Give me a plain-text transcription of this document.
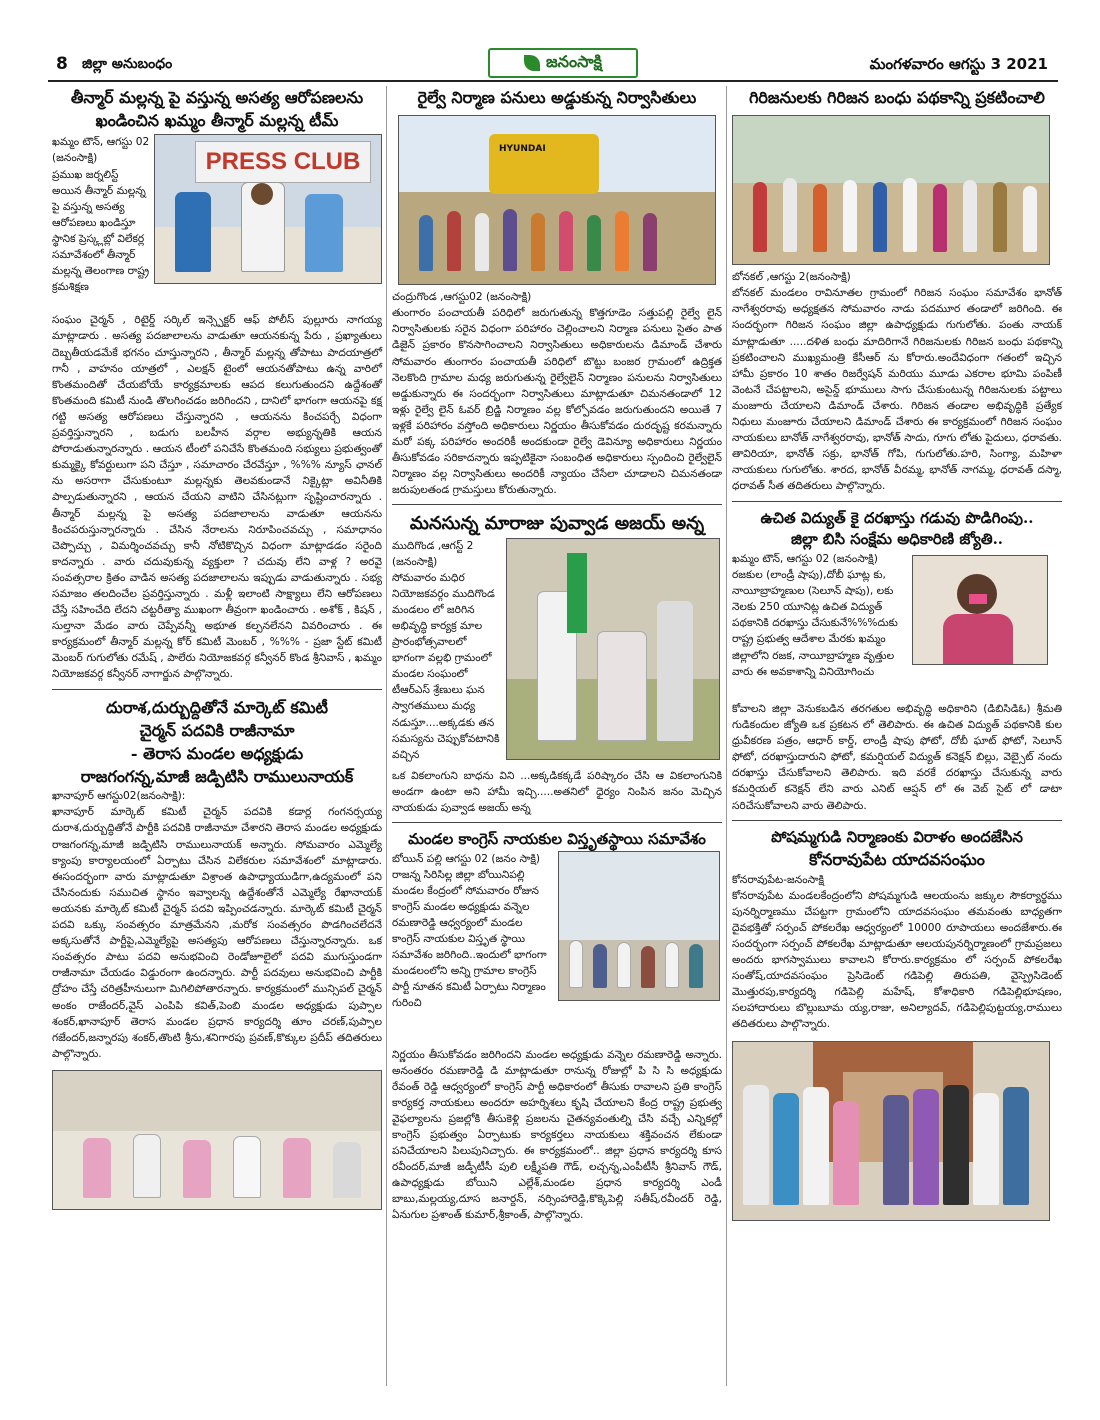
8 జిల్లా అనుబంధం	జనంసాక్షి	మంగళవారం ఆగస్టు 3 2021
తీన్మార్ మల్లన్న పై వస్తున్న అసత్య ఆరోపణలను
ఖండించిన ఖమ్మం తీన్మార్ మల్లన్న టీమ్
ఖమ్మం టౌన్, ఆగస్టు 02 (జనంసాక్షి)
ప్రముఖ జర్నలిస్ట్ అయిన తీన్మార్ మల్లన్న పై వస్తున్న అసత్య ఆరోపణలు ఖండిస్తూ స్థానిక ప్రెస్క్లబ్లో విలేకర్ల సమావేశంలో తీన్మార్ మల్లన్న తెలంగాణ రాష్ట్ర క్రమశిక్షణ
PRESS CLUB

సంఘం చైర్మన్ , రిటైర్డ్ సర్కిల్ ఇన్స్పెక్టర్ ఆఫ్ పోలీస్ పుల్లూరు నాగయ్య మాట్లాడారు . అసత్య పదజాలాలను వాడుతూ ఆయనకున్న పేరు , ప్రఖ్యాతులు దెబ్బతీయడమేకే భగనం చూస్తున్నారని , తీన్మార్ మల్లన్న తోపాటు పాదయాత్రలో గానీ , వాహనం యాత్రలో , ఎలక్షన్ టైంలో ఆయనతోపాటు ఉన్న వారిలో కొంతమందితో చేయబోయే కార్యక్రమాలకు ఆపద కలుగుతుందని ఉద్దేశంతో కొంతమంది కమిటీ నుండి తొలగించడం జరిగిందని , దానిలో భాగంగా ఆయనపై కక్ష గట్టి అసత్య ఆరోపణలు చేస్తున్నారని , ఆయనను కించపర్చే విధంగా ప్రవర్తిస్తున్నారని , బడుగు బలహీన వర్గాల అభ్యున్నతికి ఆయన పోరాడుతున్నారన్నారు . ఆయన టీంలో పనిచేసే కొంతమంది సభ్యులు ప్రభుత్వంతో కుమ్మక్కై కోవర్టులుగా పని చేస్తూ , సమాచారం చేరవేస్తూ , %%% న్యూస్ ఛానల్ ను అసరాగా చేసుకుంటూ మల్లన్నకు తెలవకుండానే నిక్కైట్లా అవినీతికి పాల్పడుతున్నారని , ఆయన చేయని వాటిని చేసినట్లుగా సృష్టించారన్నారు . తీన్మార్ మల్లన్న పై అసత్య పదజాలాలను వాడుతూ ఆయనను కించపరుస్తున్నారన్నారు . చేసిన నేరాలను నిరూపించవచ్చు , సమాధానం చెప్పొచ్చు , విమర్శించవచ్చు కానీ నోటికొచ్చిన విధంగా మాట్లాడడం సరైంది కాదన్నారు . వారు చదువుకున్న వ్యక్తులా ? చదువు లేని వాళ్ల ? అరవై సంవత్సరాల క్రితం వాడిన అసత్య పదజాలాలను ఇప్పుడు వాడుతున్నారు . సభ్య సమాజం తలదించేల ప్రవర్తిస్తున్నారు . మళ్లీ ఇలాంటి సాక్ష్యాలు లేని ఆరోపణలు చేస్తే సహించేది లేదని చట్టరీత్యా ముఖంగా తీవ్రంగా ఖండించారు . అశోక్ , కిషన్ , సుల్తానా మేడం వారు చెప్పేవన్నీ అభూత కల్పనలేనని వివరించారు . ఈ కార్యక్రమంలో తీన్మార్ మల్లన్న కోర్ కమిటీ మెంబర్ , %%% - ప్రజా స్టేట్ కమిటీ మెంబర్ గుగులోతు రమేష్ , పాలేరు నియోజకవర్గ కన్వీనర్ కొండ శ్రీనివాస్ , ఖమ్మం నియోజకవర్గ కన్వీనర్ నాగార్జున పాల్గొన్నారు.

దురాశ,దుర్బుద్దితోనే మార్కెట్ కమిటీ
చైర్మన్ పదవికి రాజీనామా
- తెరాస మండల అధ్యక్షుడు
రాజగంగన్న,మాజీ జడ్పిటిసి రాములునాయక్
ఖానాపూర్ ఆగస్టు02(జనంసాక్షి):

ఖానాపూర్ మార్కెట్ కమిటీ చైర్మన్ పదవికి కడార్ల గంగనర్సయ్య దురాశ,దుర్బుద్ధితోనే పార్టీకి పదవికి రాజీనామా చేశారని తెరాస మండల అధ్యక్షుడు రాజగంగన్న,మాజీ జడ్పిటిసి రాములునాయక్ అన్నారు. సోమవారం ఎమ్మెల్యే క్యాంపు కార్యాలయంలో ఏర్పాటు చేసిన విలేకరుల సమావేశంలో మాట్లాడారు. ఈసందర్భంగా వారు మాట్లాడుతూ విశ్రాంత ఉపాధ్యాయుడిగా,ఉద్యమంలో పని చేసినందుకు సముచిత స్థానం ఇవ్వాలన్న ఉద్దేశంతోనే ఎమ్మెల్యే రేఖానాయక్ అయనకు మార్కెట్ కమిటీ చైర్మన్ పదవి ఇప్పించడన్నారు. మార్కెట్ కమిటీ చైర్మన్ పదవి ఒక్కు సంవత్సరం మాత్రమేనని ,మరోక సంవత్సరం పొడగించలేదనే అక్కసుతోనే పార్టీపై,ఎమ్మెల్యేపై అసత్యపు ఆరోపణలు చేస్తున్నారన్నారు. ఒక సంవత్సరం పాటు పదవి అనుభవించి రెండోజూలైలో పదవి ముగుస్తుండగా రాజీనామా చేయడం విడ్డురంగా ఉందన్నారు. పార్టీ పదవులు అనుభవించి పార్టీకి ద్రోహం చేస్తే చరిత్రహీనులుగా మిగిలిపోతారన్నారు. కార్యక్రమంలో మున్సిపల్ చైర్మన్ అంకం రాజేందర్,వైస్ ఎంపిపి కవిత్,పెంబి మండల అధ్యక్షుడు పుప్పాల శంకర్,ఖానాపూర్ తెరాస మండల ప్రధాన కార్యదర్శి తూం చరణ్,పుప్పాల గజేందర్,జన్నారపు శంకర్,తొంటి శ్రీను,శనిగారపు ప్రవణ్,కొక్కుల ప్రదీప్ తదితరులు పాల్గొన్నారు.

రైల్వే నిర్మాణ పనులు అడ్డుకున్న నిర్వాసితులు
HYUNDAI
చంద్రుగొండ ,ఆగస్టు02 (జనంసాక్షి)

తుంగారం పంచాయతీ పరిధిలో జరుగుతున్న కొత్తగూడెం సత్తుపల్లి రైల్వే లైన్ నిర్వాసితులకు సరైన విధంగా పరిహారం చెల్లించాలని నిర్మాణ పనులు సైతం పాత డిజైన్ ప్రకారం కొనసాగించాలని నిర్వాసితులు అధికారులను డిమాండ్ చేశారు సోమవారం తుంగారం పంచాయతీ పరిధిలో బొట్టు బంజర గ్రామంలో ఉద్రిక్తత నెలకొంది గ్రామాల మధ్య జరుగుతున్న రైల్వేలైన్ నిర్మాణం పనులను నిర్వాసితులు అడ్డుకున్నారు ఈ సందర్భంగా నిర్వాసితులు మాట్లాడుతూ చిమనతండాలో 12 ఇళ్లు రైల్వే లైన్ ఓవర్ బ్రిడ్జి నిర్మాణం వల్ల కోల్పోవడం జరుగుతుందని అయితే 7 ఇళ్లకే పరిహారం వస్తోంది అధికారులు నిర్ణయం తీసుకోవడం దురదృష్ట కరమన్నారు మరో పక్క పరిహారం అందరికీ అందకుండా రైల్వే డెవిన్యూ అధికారులు నిర్ణయం తీసుకోవడం సరికాదన్నారు ఇప్పటికైనా సంబంధిత అధికారులు స్పందించి రైల్వేలైన్ నిర్మాణం వల్ల నిర్వాసితులు అందరికీ న్యాయం చేసేలా చూడాలని చిమనతండా జరుపులతండ గ్రామస్తులు కోరుతున్నారు.

మనసున్న మారాజు పువ్వాడ అజయ్ అన్న
ముదిగొండ ,ఆగస్ట్ 2 (జనంసాక్షి)
సోమవారం మధిర నియోజకవర్గం ముదిగొండ మండలం లో జరిగిన అభివృద్ధి కార్యక్ర మాల ప్రారంభోత్సవాలలో భాగంగా వల్లభి గ్రామంలో మండల సంఘంలో టీఆర్ఎస్ శ్రేణులు ఘన స్వాగతములు మధ్య నడుస్తూ....అక్కడకు తన సమస్యను చెప్పుకోవటానికి వచ్చిన

ఒక వికలాంగుని బాధను విని ...అక్కడికక్కడే పరిష్కారం చేసి ఆ వికలాంగునికి అండగా ఉంటా అని హామీ ఇచ్చి.....అతనిలో ధైర్యం నింపిన జనం మెచ్చిన నాయకుడు పువ్వాడ అజయ్ అన్న

మండల కాంగ్రెస్ నాయకుల విస్తృతస్థాయి సమావేశం
బోయిన్ పల్లి ఆగస్టు 02 (జనం సాక్షి)
రాజన్న సిరిసిల్ల జిల్లా బోయినిపల్లి మండల కేంద్రంలో సోమవారం రోజున కాంగ్రెస్ మండల అధ్యక్షుడు వన్నెల రమణారెడ్డి ఆధ్వర్యంలో మండల కాంగ్రెస్ నాయకుల విస్తృత స్థాయి సమావేశం జరిగింది..ఇందులో భాగంగా మండలంలోని అన్ని గ్రామాల కాంగ్రెస్ పార్టీ నూతన కమిటీ ఏర్పాటు నిర్మాణం గురించి

నిర్ణయం తీసుకోవడం జరిగిందని మండల అధ్యక్షుడు వన్నెల రమణారెడ్డి అన్నారు. అనంతరం రమణారెడ్డి డి మాట్లాడుతూ రానున్న రోజుల్లో పి సి సి అధ్యక్షుడు రేవంత్ రెడ్డి ఆధ్వర్యంలో కాంగ్రెస్ పార్టీ అధికారంలో తీసుకు రావాలని ప్రతి కాంగ్రెస్ కార్యకర్త నాయకులు అందరూ అహర్నిశలు కృషి చేయాలని కేంద్ర రాష్ట్ర ప్రభుత్వ వైఫల్యాలను ప్రజల్లోకి తీసుకెళ్లి ప్రజలను చైతన్యవంతుల్ని చేసి వచ్చే ఎన్నికల్లో కాంగ్రెస్ ప్రభుత్వం ఏర్పాటుకు కార్యకర్తలు నాయకులు శక్తివంచన లేకుండా పనిచేయాలని పిలుపునిచ్చారు. ఈ కార్యక్రమంలో.. జిల్లా ప్రధాన కార్యదర్శి కూస రవీందర్,మాజీ జడ్పీటీసీ పులి లక్ష్మీపతి గౌడ్, లచ్చన్న,ఎంపీటీసీ శ్రీనివాస్ గౌడ్, ఉపాధ్యక్షుడు బోయిని ఎల్లేశ్,మండల ప్రధాన కార్యదర్శి ఎండీ బాబు,మల్లయ్య,దూస జనార్దన్, నర్సింహారెడ్డి,కొక్కెపెల్లి సతీష్,రవీందర్ రెడ్డి, ఏనుగుల ప్రశాంత్ కుమార్,శ్రీకాంత్, పాల్గొన్నారు.

గిరిజనులకు గిరిజన బంధు పథకాన్ని ప్రకటించాలి
బోనకల్ ,ఆగస్టు 2(జనంసాక్షి)

బోనకల్ మండలం రావినూతల గ్రామంలో గిరిజన సంఘం సమావేశం భానోత్ నాగేశ్వరరావు అధ్యక్షతన సోమవారం నాడు పదమూర తండాలో జరిగింది. ఈ సందర్భంగా గిరిజన సంఘం జిల్లా ఉపాధ్యక్షుడు గుగులోతు. పంతు నాయక్ మాట్లాడుతూ .....దళిత బంధు మాదిరిగానే గిరిజనులకు గిరిజన బంధు పథకాన్ని ప్రకటించాలని ముఖ్యమంత్రి కేసీఆర్ ను కోరారు.అందేవిధంగా గతంలో ఇచ్చిన హామీ ప్రకారం 10 శాతం రిజర్వేషన్ మరియు మూడు ఎకరాల భూమి పంపిణీ వెంటనే చేపట్టాలని, అసైన్డ్ భూములు సాగు చేసుకుంటున్న గిరిజనులకు పట్టాలు మంజూరు చేయాలని డిమాండ్ చేశారు. గిరిజన తండాల అభివృద్ధికి ప్రత్యేక నిధులు మంజూరు చేయాలని డిమాండ్ చేశారు ఈ కార్యక్రమంలో గిరిజన సంఘం నాయకులు బానోత్ నాగేశ్వరరావు, భానోత్ సాదు, గూగు లోతు పైదులు, ధరావతు. తావిరియా, భానోత్ సక్రు, భానోత్ గోపి, గుగులోతు.హరి, సింగ్యా, మహిళా నాయకులు గుగులోతు. శారద, భానోత్ వీరమ్మ, భానోత్ నాగమ్మ, ధరావత్ దస్మా, ధరావత్ సీత తదితరులు పాల్గొన్నారు.

ఉచిత విద్యుత్ కై దరఖాస్తు గడువు పొడిగింపు..
జిల్లా బిసి సంక్షేమ అధికారిణి జ్యోతి..
ఖమ్మం టౌన్, ఆగస్టు 02 (జనంసాక్షి)
రజకుల (లాండ్రీ షాపు),దోబీ ఘాట్ల కు, నాయీబ్రాహ్మణుల (సెలూన్ షాపు), లకు నెలకు 250 యూనిట్ల ఉచిత విద్యుత్ పథకానికి దరఖాస్తు చేసుకునే%%%దుకు రాష్ట్ర ప్రభుత్వ ఆదేశాల మేరకు ఖమ్మం జిల్లాలోని రజక, నాయీబ్రాహ్మణ వృత్తుల వారు ఈ అవకాశాన్ని వినియోగించు

కోవాలని జిల్లా వెనుకబడిన తరగతుల అభివృద్ధి అధికారిని (డిబిసిడిఓ) శ్రీమతి గుడికందుల జ్యోతి ఒక ప్రకటన లో తెలిపారు. ఈ ఉచిత విద్యుత్ పథకానికి కుల ధ్రువీకరణ పత్రం, ఆధార్ కార్డ్, లాండ్రీ షాపు ఫోటో, దోబీ ఘాట్ ఫోటో, సెలూన్ ఫోటో, దరఖాస్తుదారుని ఫోటో, కమర్షియల్ విద్యుత్ కనెక్షన్ బిల్లు, వెబ్సైట్ నందు దరఖాస్తు చేసుకోవాలని తెలిపారు. ఇది వరకే దరఖాస్తు చేసుకున్న వారు కమర్షియల్ కనెక్షన్ లేని వారు ఎనిట్ ఆప్షన్ లో ఈ వెబ్ సైట్ లో డాటా సరిచేసుకోవాలని వారు తెలిపారు.

పోషమ్మగుడి నిర్మాణంకు విరాళం అందజేసిన
కోనరావుపేట యాదవసంఘం
కోనరావుపేట-జనంసాక్షి

కోనరావుపేట మండలకేంద్రంలోని పోషమ్మగుడి ఆలయంను జక్కుల సౌకర్యార్థము పునర్నిర్మాణము చేపట్టగా గ్రామంలోని యాదవసంఘం తమవంతు బాధ్యతగా దైవభక్తితో సర్పంచ్ పోకలరేఖ ఆధ్వర్యంలో 10000 రూపాయలు అందజేశారు.ఈ సందర్భంగా సర్పంచ్ పోకలరేఖ మాట్లాడుతూ ఆలయపునర్నిర్మాణంలో గ్రామప్రజలు అందరు భాగస్వాములు కావాలని కోరారు.కార్యక్రమం లో సర్పంచ్ పోకలరేఖ సంతోష్,యాదవసంఘం ప్రెసిడెంట్ గడిపెల్లి తిరుపతి, వైస్ప్రెసిడెంట్ మొత్తురపు,కార్యదర్శి గడిపెల్లి మహేష్, కోశాధికారి గడిపెల్లిభూషణం, సలహాదారులు బొల్లుబూమ య్య,రాజు, అనిల్యాదవ్, గడిపెల్లిపుట్టయ్య,రాములు తదితరులు పాల్గొన్నారు.
